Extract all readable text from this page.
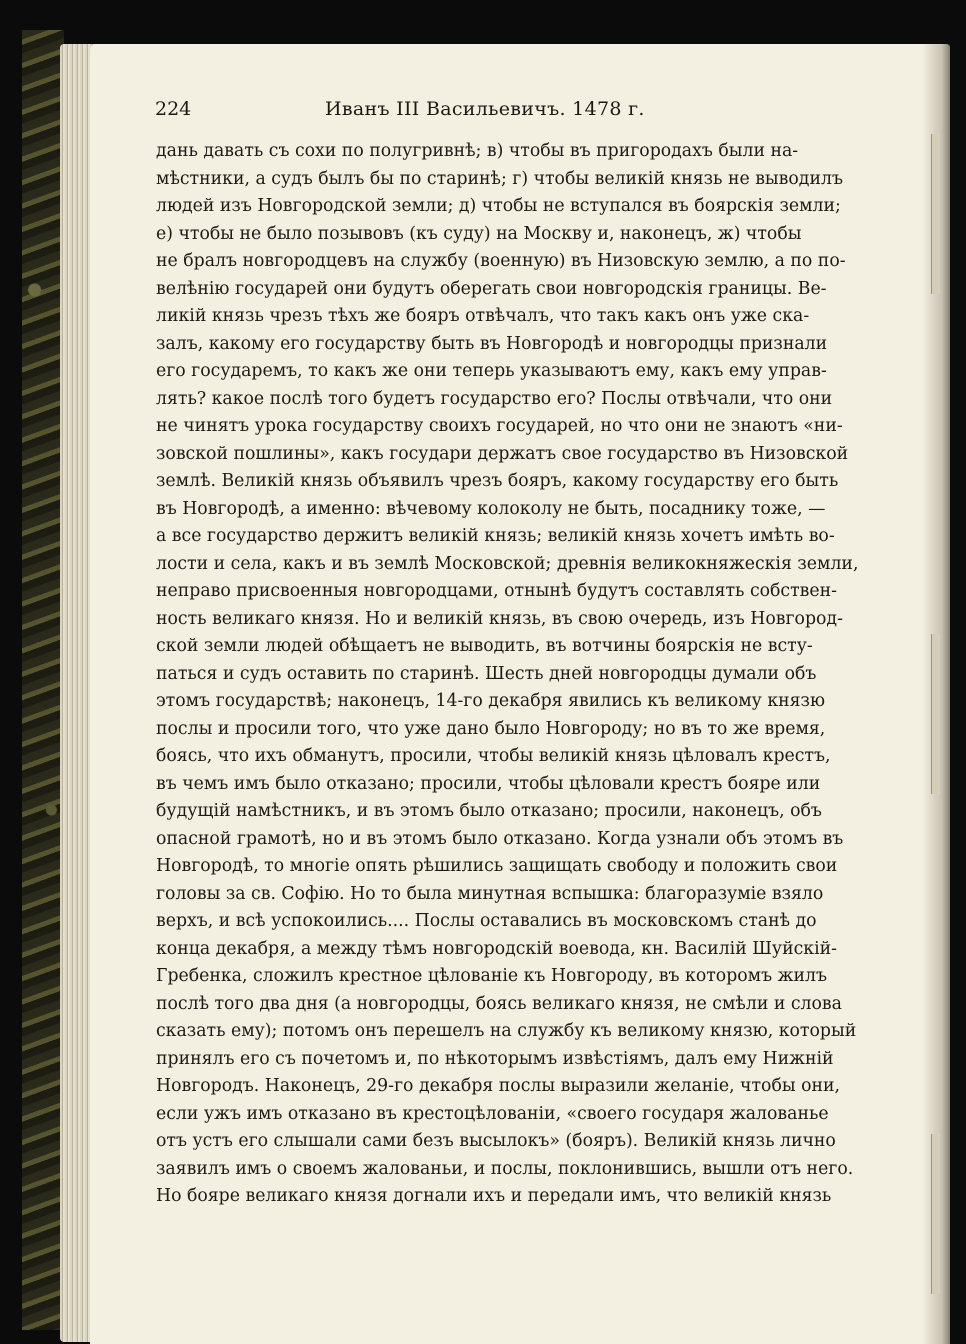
224	Иванъ III Васильевичъ. 1478 г.
дань давать съ сохи по полугривнѣ; в) чтобы въ пригородахъ были на-
мѣстники, а судъ былъ бы по старинѣ; г) чтобы великій князь не выводилъ
людей изъ Новгородской земли; д) чтобы не вступался въ боярскія земли;
е) чтобы не было позывовъ (къ суду) на Москву и, наконецъ, ж) чтобы
не бралъ новгородцевъ на службу (военную) въ Низовскую землю, а по по-
велѣнію государей они будутъ оберегать свои новгородскія границы. Ве-
ликій князь чрезъ тѣхъ же бояръ отвѣчалъ, что такъ какъ онъ уже ска-
залъ, какому его государству быть въ Новгородѣ и новгородцы признали
его государемъ, то какъ же они теперь указываютъ ему, какъ ему управ-
лять? какое послѣ того будетъ государство его? Послы отвѣчали, что они
не чинятъ урока государству своихъ государей, но что они не знаютъ «ни-
зовской пошлины», какъ государи держатъ свое государство въ Низовской
землѣ. Великій князь объявилъ чрезъ бояръ, какому государству его быть
въ Новгородѣ, а именно: вѣчевому колоколу не быть, посаднику тоже, —
а все государство держитъ великій князь; великій князь хочетъ имѣть во-
лости и села, какъ и въ землѣ Московской; древнія великокняжескія земли,
неправо присвоенныя новгородцами, отнынѣ будутъ составлять собствен-
ность великаго князя. Но и великій князь, въ свою очередь, изъ Новгород-
ской земли людей обѣщаетъ не выводить, въ вотчины боярскія не всту-
паться и судъ оставить по старинѣ. Шесть дней новгородцы думали объ
этомъ государствѣ; наконецъ, 14-го декабря явились къ великому князю
послы и просили того, что уже дано было Новгороду; но въ то же время,
боясь, что ихъ обманутъ, просили, чтобы великій князь цѣловалъ крестъ,
въ чемъ имъ было отказано; просили, чтобы цѣловали крестъ бояре или
будущій намѣстникъ, и въ этомъ было отказано; просили, наконецъ, объ
опасной грамотѣ, но и въ этомъ было отказано. Когда узнали объ этомъ въ
Новгородѣ, то многіе опять рѣшились защищать свободу и положить свои
головы за св. Софію. Но то была минутная вспышка: благоразуміе взяло
верхъ, и всѣ успокоились.... Послы оставались въ московскомъ станѣ до
конца декабря, а между тѣмъ новгородскій воевода, кн. Василій Шуйскій-
Гребенка, сложилъ крестное цѣлованіе къ Новгороду, въ которомъ жилъ
послѣ того два дня (а новгородцы, боясь великаго князя, не смѣли и слова
сказать ему); потомъ онъ перешелъ на службу къ великому князю, который
принялъ его съ почетомъ и, по нѣкоторымъ извѣстіямъ, далъ ему Нижній
Новгородъ. Наконецъ, 29-го декабря послы выразили желаніе, чтобы они,
если ужъ имъ отказано въ крестоцѣлованіи, «своего государя жалованье
отъ устъ его слышали сами безъ высылокъ» (бояръ). Великій князь лично
заявилъ имъ о своемъ жалованьи, и послы, поклонившись, вышли отъ него.
Но бояре великаго князя догнали ихъ и передали имъ, что великій князь
